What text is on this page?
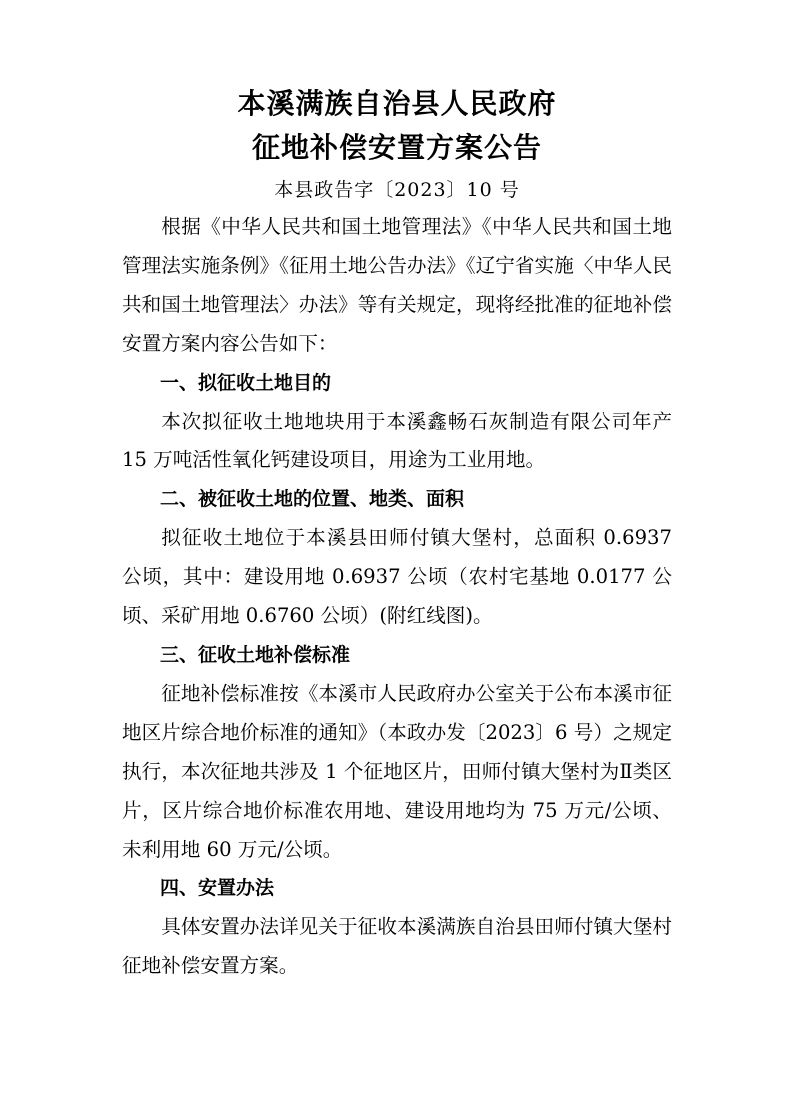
本溪满族自治县人民政府
征地补偿安置方案公告
本县政告字〔2023〕10 号

根据《中华人民共和国土地管理法》《中华人民共和国土地管理法实施条例》《征用土地公告办法》《辽宁省实施〈中华人民共和国土地管理法〉办法》等有关规定，现将经批准的征地补偿安置方案内容公告如下：

一、拟征收土地目的

本次拟征收土地地块用于本溪鑫畅石灰制造有限公司年产 15 万吨活性氧化钙建设项目，用途为工业用地。

二、被征收土地的位置、地类、面积

拟征收土地位于本溪县田师付镇大堡村，总面积 0.6937 公顷，其中：建设用地 0.6937 公顷（农村宅基地 0.0177 公顷、采矿用地 0.6760 公顷）(附红线图)。

三、征收土地补偿标准

征地补偿标准按《本溪市人民政府办公室关于公布本溪市征地区片综合地价标准的通知》（本政办发〔2023〕6 号）之规定执行，本次征地共涉及 1 个征地区片，田师付镇大堡村为Ⅱ类区片，区片综合地价标准农用地、建设用地均为 75 万元/公顷、未利用地 60 万元/公顷。

四、安置办法

具体安置办法详见关于征收本溪满族自治县田师付镇大堡村征地补偿安置方案。
